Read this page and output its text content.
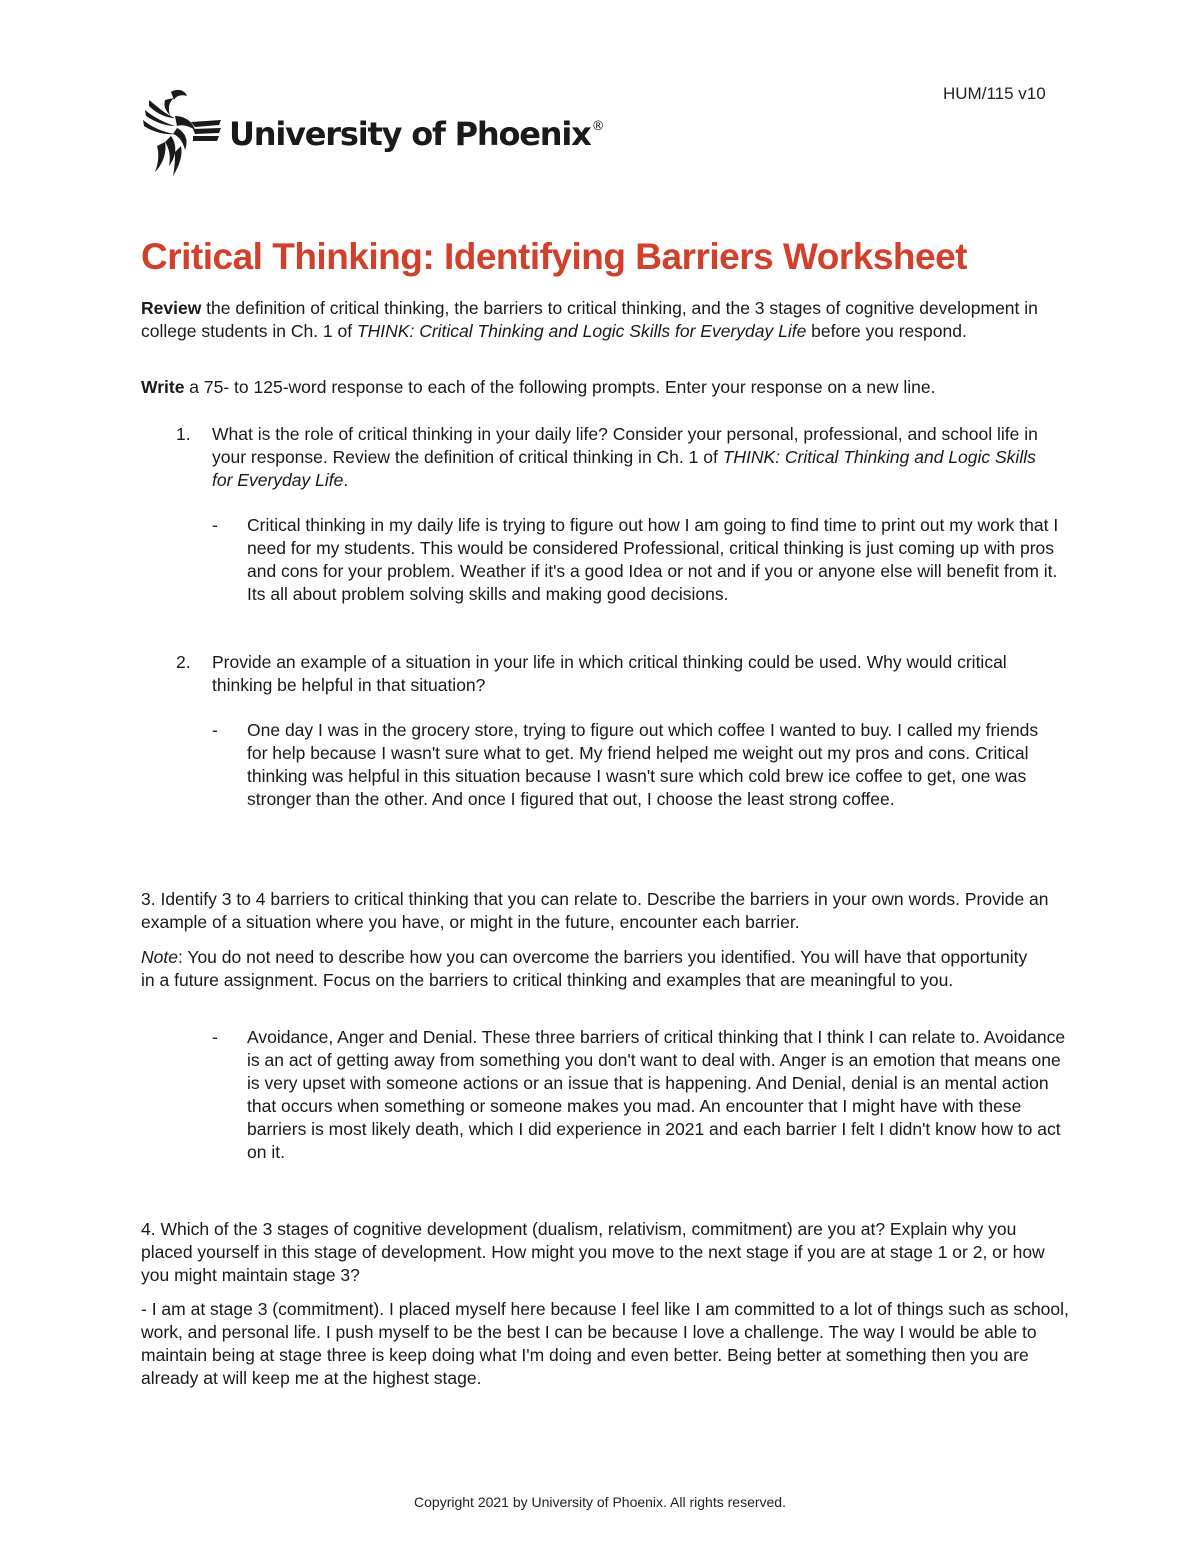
HUM/115 v10
University of Phoenix®
Critical Thinking: Identifying Barriers Worksheet

Review the definition of critical thinking, the barriers to critical thinking, and the 3 stages of cognitive development in college students in Ch. 1 of THINK: Critical Thinking and Logic Skills for Everyday Life before you respond.

Write a 75- to 125-word response to each of the following prompts. Enter your response on a new line.

1. What is the role of critical thinking in your daily life? Consider your personal, professional, and school life in your response. Review the definition of critical thinking in Ch. 1 of THINK: Critical Thinking and Logic Skills for Everyday Life.

- Critical thinking in my daily life is trying to figure out how I am going to find time to print out my work that I need for my students. This would be considered Professional, critical thinking is just coming up with pros and cons for your problem. Weather if it's a good Idea or not and if you or anyone else will benefit from it. Its all about problem solving skills and making good decisions.

2. Provide an example of a situation in your life in which critical thinking could be used. Why would critical thinking be helpful in that situation?

- One day I was in the grocery store, trying to figure out which coffee I wanted to buy. I called my friends for help because I wasn't sure what to get. My friend helped me weight out my pros and cons. Critical thinking was helpful in this situation because I wasn't sure which cold brew ice coffee to get, one was stronger than the other. And once I figured that out, I choose the least strong coffee.

3. Identify 3 to 4 barriers to critical thinking that you can relate to. Describe the barriers in your own words. Provide an example of a situation where you have, or might in the future, encounter each barrier.

Note: You do not need to describe how you can overcome the barriers you identified. You will have that opportunity in a future assignment. Focus on the barriers to critical thinking and examples that are meaningful to you.

- Avoidance, Anger and Denial. These three barriers of critical thinking that I think I can relate to. Avoidance is an act of getting away from something you don't want to deal with. Anger is an emotion that means one is very upset with someone actions or an issue that is happening. And Denial, denial is an mental action that occurs when something or someone makes you mad. An encounter that I might have with these barriers is most likely death, which I did experience in 2021 and each barrier I felt I didn't know how to act on it.

4. Which of the 3 stages of cognitive development (dualism, relativism, commitment) are you at? Explain why you placed yourself in this stage of development. How might you move to the next stage if you are at stage 1 or 2, or how you might maintain stage 3?

- I am at stage 3 (commitment). I placed myself here because I feel like I am committed to a lot of things such as school, work, and personal life. I push myself to be the best I can be because I love a challenge. The way I would be able to maintain being at stage three is keep doing what I'm doing and even better. Being better at something then you are already at will keep me at the highest stage.

Copyright 2021 by University of Phoenix. All rights reserved.
